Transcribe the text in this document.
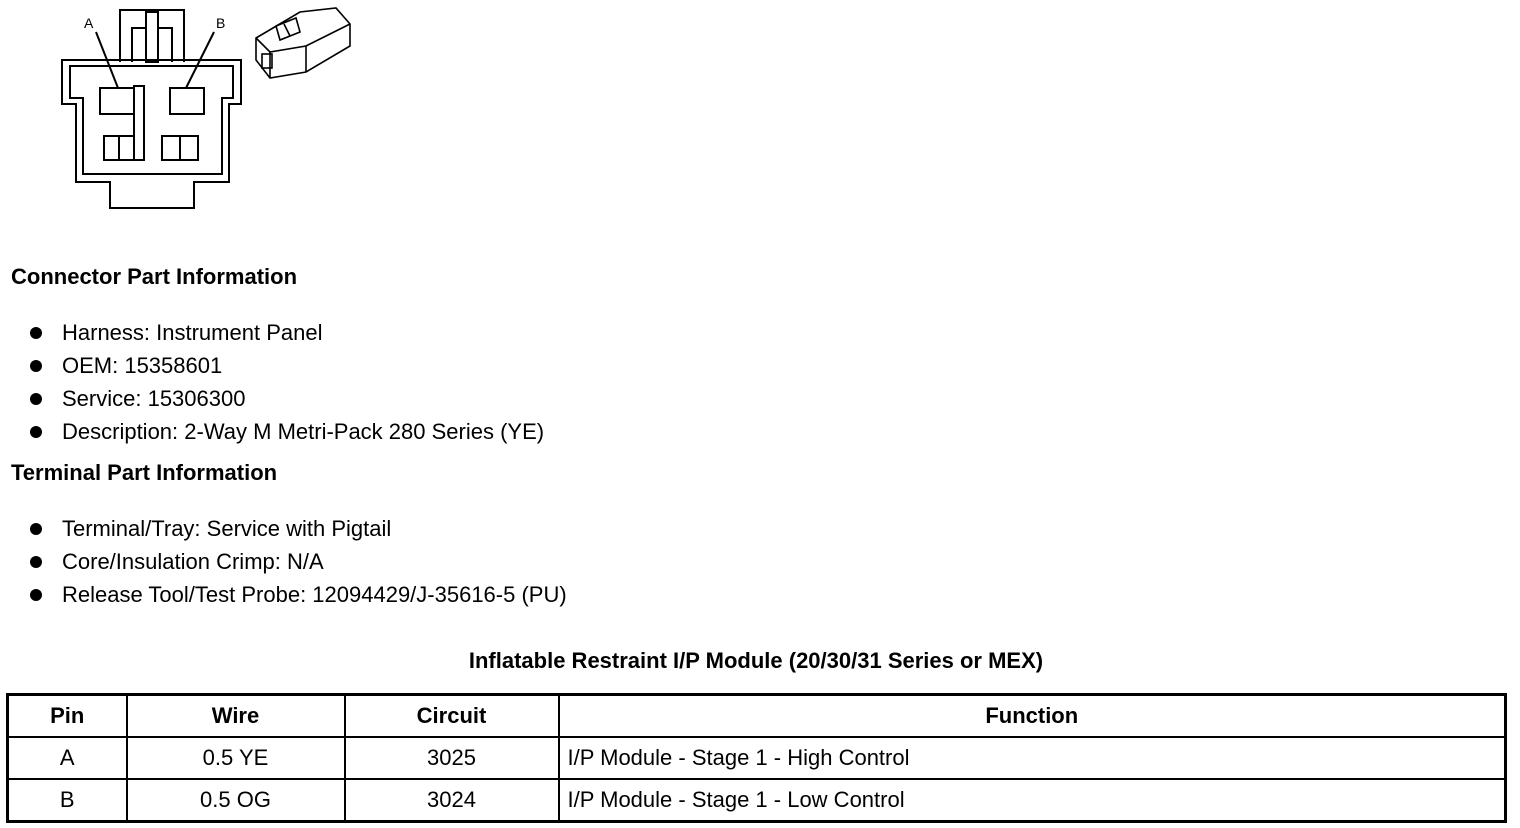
A	B
Connector Part Information
Harness: Instrument Panel
OEM: 15358601
Service: 15306300
Description: 2-Way M Metri-Pack 280 Series (YE)
Terminal Part Information
Terminal/Tray: Service with Pigtail
Core/Insulation Crimp: N/A
Release Tool/Test Probe: 12094429/J-35616-5 (PU)
Inflatable Restraint I/P Module (20/30/31 Series or MEX)
Pin	Wire	Circuit	Function
A	0.5 YE	3025	I/P Module - Stage 1 - High Control
B	0.5 OG	3024	I/P Module - Stage 1 - Low Control
